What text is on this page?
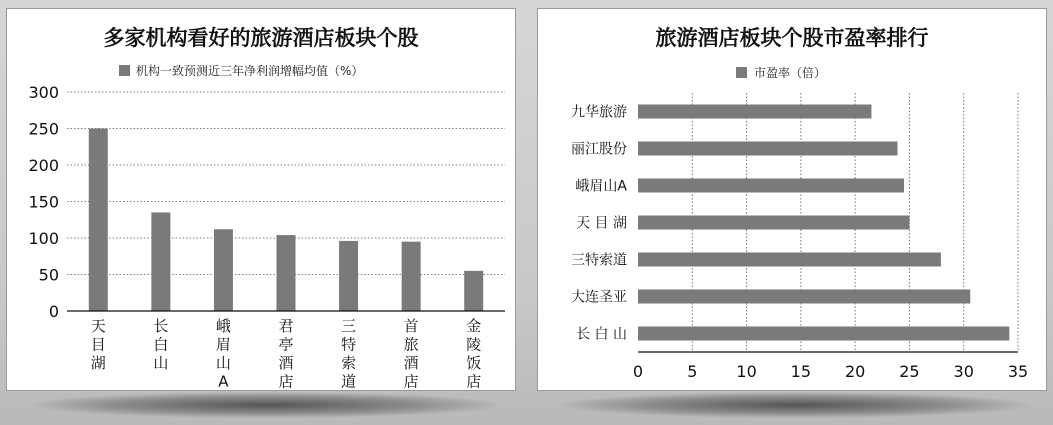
多家机构看好的旅游酒店板块个股
机构一致预测近三年净利润增幅均值（%）
0
50
100
150
200
250
300
天目湖
长白山
峨眉山 A
君亭酒店
三特索道
首旅酒店
金陵饭店
旅游酒店板块个股市盈率排行
市盈率（倍）
九华旅游
丽江股份
峨眉山A
天 目 湖
三特索道
大连圣亚
长 白 山
0	5 10 15 20 25 30 35
